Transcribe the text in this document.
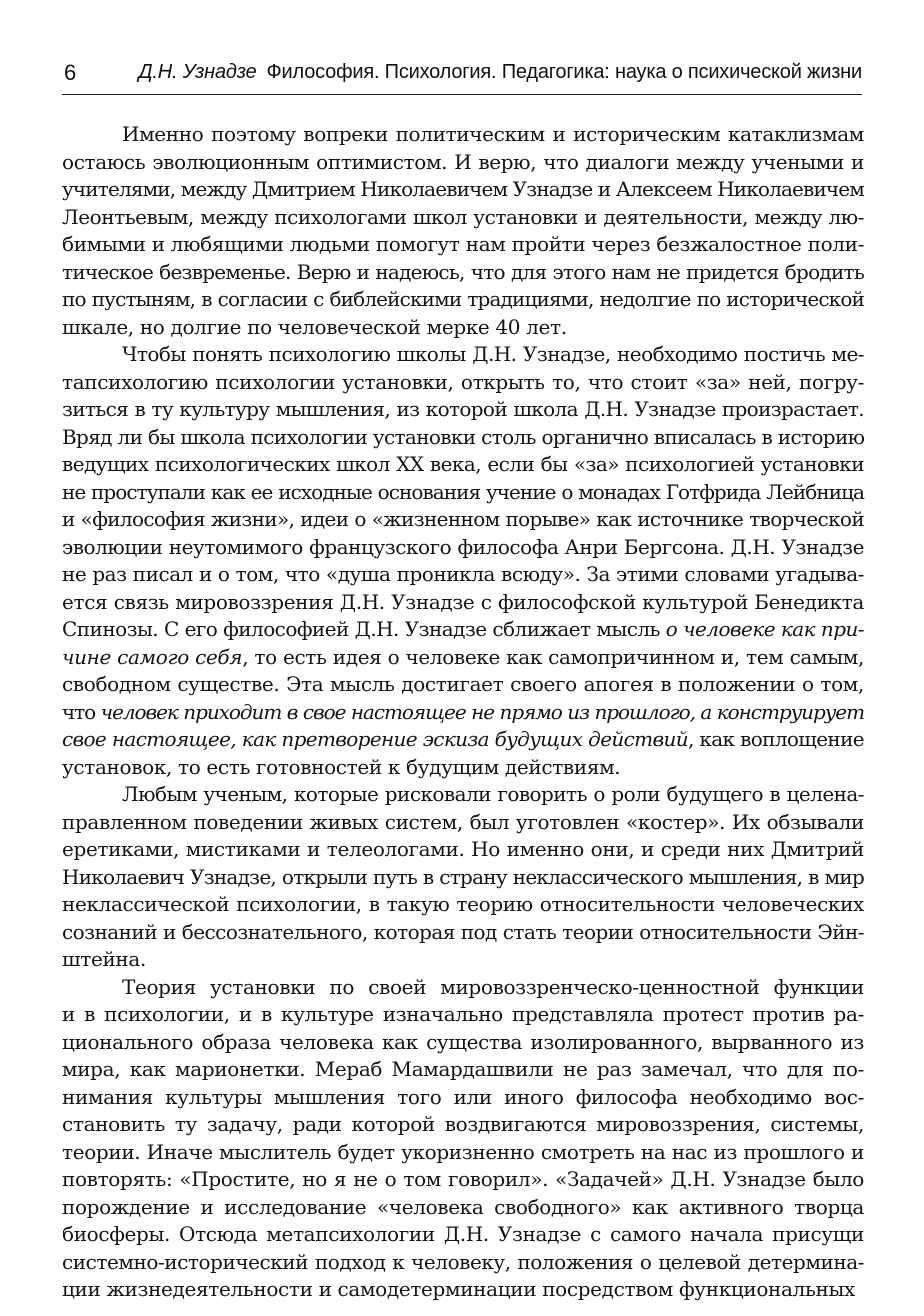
6	Д.Н. Узнадзе Философия. Психология. Педагогика: наука о психической жизни
Именно поэтому вопреки политическим и историческим катаклизмам
остаюсь эволюционным оптимистом. И верю, что диалоги между учеными и
учителями, между Дмитрием Николаевичем Узнадзе и Алексеем Николаевичем
Леонтьевым, между психологами школ установки и деятельности, между лю-
бимыми и любящими людьми помогут нам пройти через безжалостное поли-
тическое безвременье. Верю и надеюсь, что для этого нам не придется бродить
по пустыням, в согласии с библейскими традициями, недолгие по исторической
шкале, но долгие по человеческой мерке 40 лет.
Чтобы понять психологию школы Д.Н. Узнадзе, необходимо постичь ме-
тапсихологию психологии установки, открыть то, что стоит «за» ней, погру-
зиться в ту культуру мышления, из которой школа Д.Н. Узнадзе произрастает.
Вряд ли бы школа психологии установки столь органично вписалась в историю
ведущих психологических школ XX века, если бы «за» психологией установки
не проступали как ее исходные основания учение о монадах Готфрида Лейбница
и «философия жизни», идеи о «жизненном порыве» как источнике творческой
эволюции неутомимого французского философа Анри Бергсона. Д.Н. Узнадзе
не раз писал и о том, что «душа проникла всюду». За этими словами угадыва-
ется связь мировоззрения Д.Н. Узнадзе с философской культурой Бенедикта
Спинозы. С его философией Д.Н. Узнадзе сближает мысль о человеке как при-
чине самого себя, то есть идея о человеке как самопричинном и, тем самым,
свободном существе. Эта мысль достигает своего апогея в положении о том,
что человек приходит в свое настоящее не прямо из прошлого, а конструирует
свое настоящее, как претворение эскиза будущих действий, как воплощение
установок, то есть готовностей к будущим действиям.
Любым ученым, которые рисковали говорить о роли будущего в целена-
правленном поведении живых систем, был уготовлен «костер». Их обзывали
еретиками, мистиками и телеологами. Но именно они, и среди них Дмитрий
Николаевич Узнадзе, открыли путь в страну неклассического мышления, в мир
неклассической психологии, в такую теорию относительности человеческих
сознаний и бессознательного, которая под стать теории относительности Эйн-
штейна.
Теория установки по своей мировоззренческо-ценностной функции
и в психологии, и в культуре изначально представляла протест против ра-
ционального образа человека как существа изолированного, вырванного из
мира, как марионетки. Мераб Мамардашвили не раз замечал, что для по-
нимания культуры мышления того или иного философа необходимо вос-
становить ту задачу, ради которой воздвигаются мировоззрения, системы,
теории. Иначе мыслитель будет укоризненно смотреть на нас из прошлого и
повторять: «Простите, но я не о том говорил». «Задачей» Д.Н. Узнадзе было
порождение и исследование «человека свободного» как активного творца
биосферы. Отсюда метапсихологии Д.Н. Узнадзе с самого начала присущи
системно-исторический подход к человеку, положения о целевой детермина-
ции жизнедеятельности и самодетерминации посредством функциональных
